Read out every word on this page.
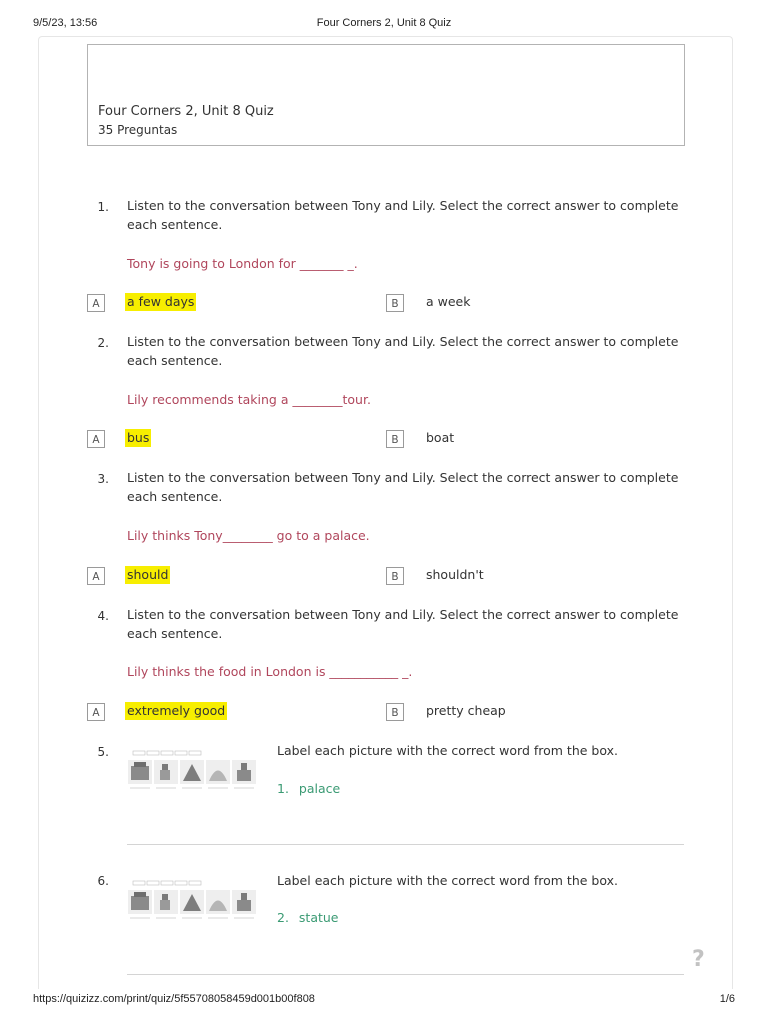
9/5/23, 13:56	Four Corners 2, Unit 8 Quiz
Four Corners 2, Unit 8 Quiz
35 Preguntas
1. Listen to the conversation between Tony and Lily. Select the correct answer to complete each sentence.
Tony is going to London for _______ _.
A	a few days	B	a week
2. Listen to the conversation between Tony and Lily. Select the correct answer to complete each sentence.
Lily recommends taking a ________tour.
A	bus	B	boat
3. Listen to the conversation between Tony and Lily. Select the correct answer to complete each sentence.
Lily thinks Tony________ go to a palace.
A	should	B	shouldn't
4. Listen to the conversation between Tony and Lily. Select the correct answer to complete each sentence.
Lily thinks the food in London is ___________ _.
A	extremely good	B	pretty cheap
5.	Label each picture with the correct word from the box.
1. palace
6.	Label each picture with the correct word from the box.
2. statue
?
https://quizizz.com/print/quiz/5f55708058459d001b00f808	1/6
